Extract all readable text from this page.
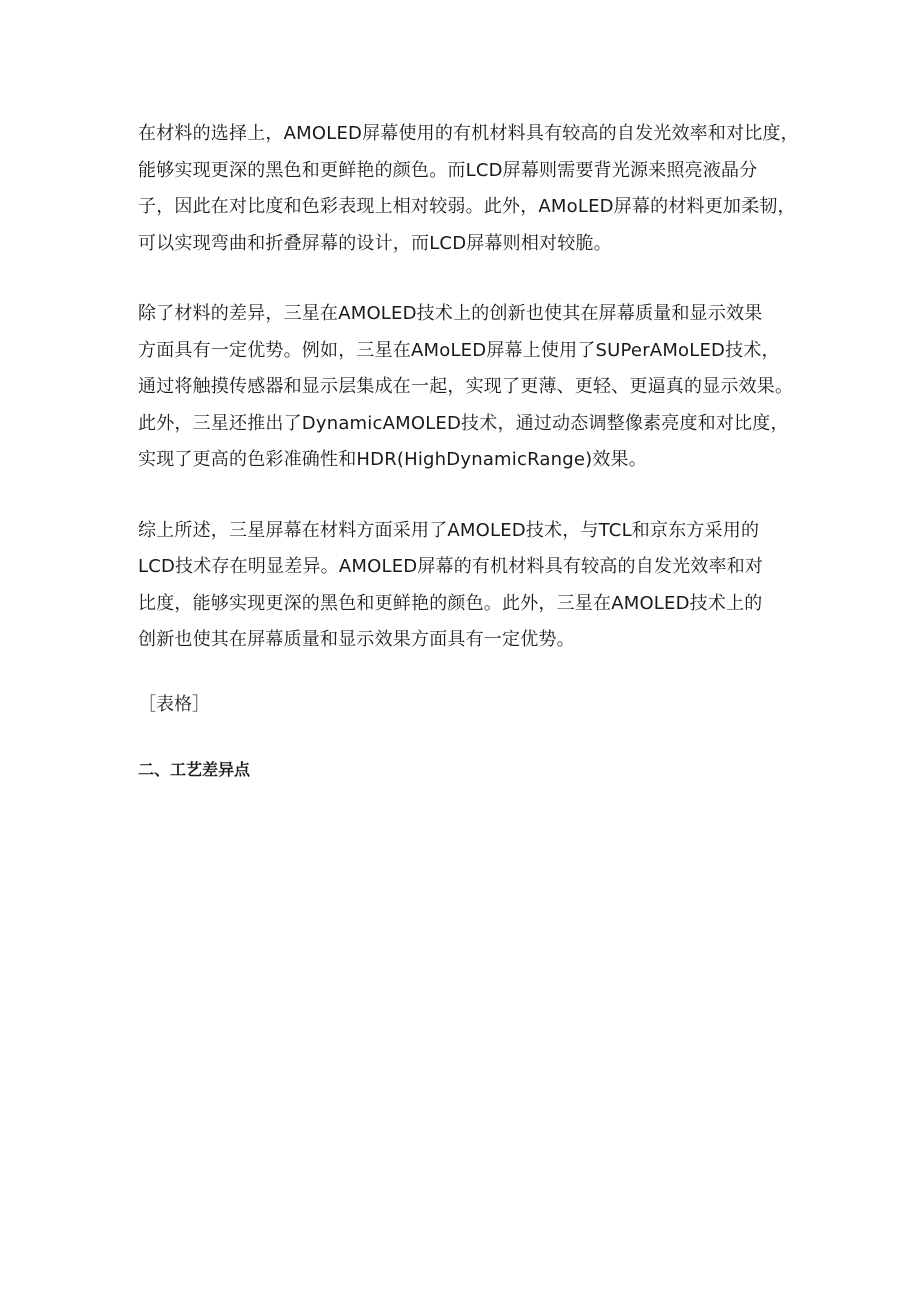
在材料的选择上，AMOLED屏幕使用的有机材料具有较高的自发光效率和对比度，
能够实现更深的黑色和更鲜艳的颜色。而LCD屏幕则需要背光源来照亮液晶分
子，因此在对比度和色彩表现上相对较弱。此外，AMoLED屏幕的材料更加柔韧，
可以实现弯曲和折叠屏幕的设计，而LCD屏幕则相对较脆。

除了材料的差异，三星在AMOLED技术上的创新也使其在屏幕质量和显示效果
方面具有一定优势。例如，三星在AMoLED屏幕上使用了SUPerAMoLED技术，
通过将触摸传感器和显示层集成在一起，实现了更薄、更轻、更逼真的显示效果。
此外，三星还推出了DynamicAMOLED技术，通过动态调整像素亮度和对比度，
实现了更高的色彩准确性和HDR(HighDynamicRange)效果。

综上所述，三星屏幕在材料方面采用了AMOLED技术，与TCL和京东方采用的
LCD技术存在明显差异。AMOLED屏幕的有机材料具有较高的自发光效率和对
比度，能够实现更深的黑色和更鲜艳的颜色。此外，三星在AMOLED技术上的
创新也使其在屏幕质量和显示效果方面具有一定优势。

［表格］
二、工艺差异点
